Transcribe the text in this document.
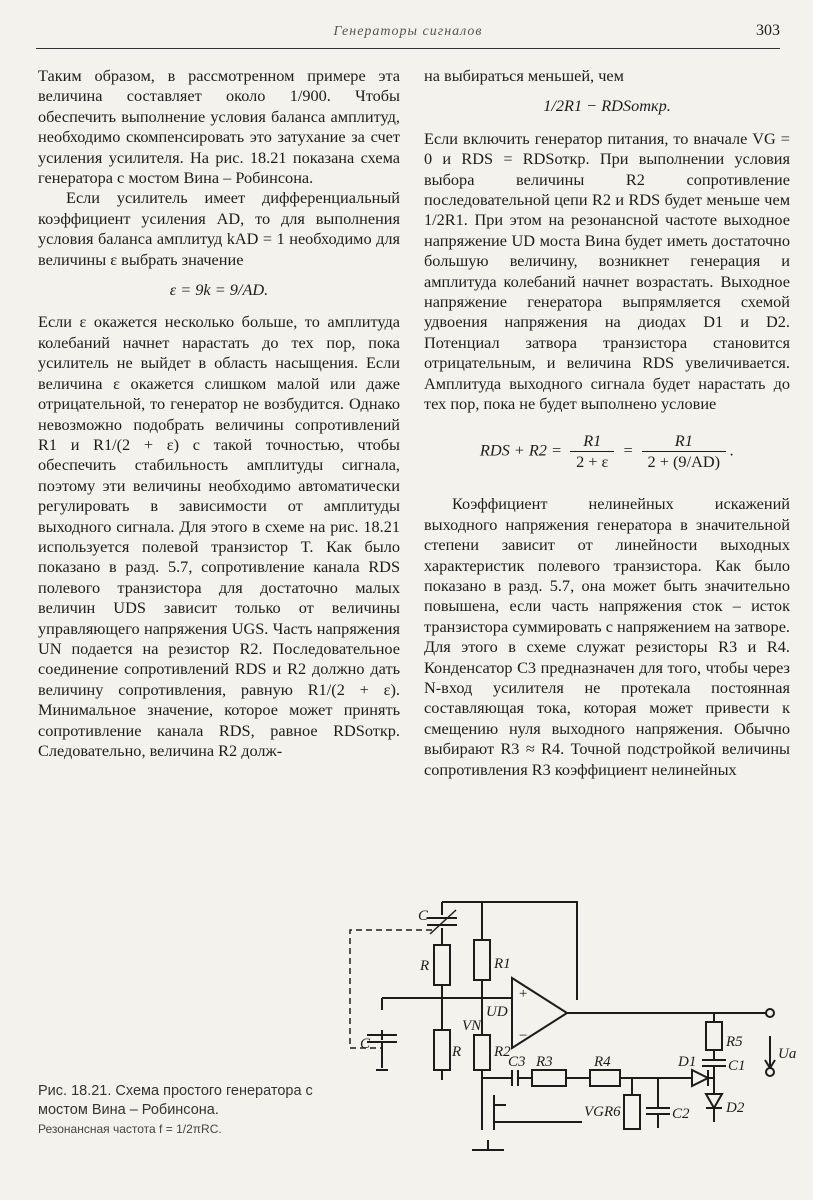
Генераторы сигналов	303

Таким образом, в рассмотренном примере эта величина составляет около 1/900. Чтобы обеспечить выполнение условия баланса амплитуд, необходимо скомпенсировать это затухание за счет усиления усилителя. На рис. 18.21 показана схема генератора с мостом Вина – Робинсона.

Если усилитель имеет дифференциальный коэффициент усиления AD, то для выполнения условия баланса амплитуд kAD = 1 необходимо для величины ε выбрать значение

ε = 9k = 9/AD.

Если ε окажется несколько больше, то амплитуда колебаний начнет нарастать до тех пор, пока усилитель не выйдет в область насыщения. Если величина ε окажется слишком малой или даже отрицательной, то генератор не возбудится. Однако невозможно подобрать величины сопротивлений R1 и R1/(2 + ε) с такой точностью, чтобы обеспечить стабильность амплитуды сигнала, поэтому эти величины необходимо автоматически регулировать в зависимости от амплитуды выходного сигнала. Для этого в схеме на рис. 18.21 используется полевой транзистор T. Как было показано в разд. 5.7, сопротивление канала RDS полевого транзистора для достаточно малых величин UDS зависит только от величины управляющего напряжения UGS. Часть напряжения UN подается на резистор R2. Последовательное соединение сопротивлений RDS и R2 должно дать величину сопротивления, равную R1/(2 + ε). Минимальное значение, которое может принять сопротивление канала RDS, равное RDSоткр. Следовательно, величина R2 долж-

на выбираться меньшей, чем

1/2R1 − RDSоткр.

Если включить генератор питания, то вначале VG = 0 и RDS = RDSоткр. При выполнении условия выбора величины R2 сопротивление последовательной цепи R2 и RDS будет меньше чем 1/2R1. При этом на резонансной частоте выходное напряжение UD моста Вина будет иметь достаточно большую величину, возникнет генерация и амплитуда колебаний начнет возрастать. Выходное напряжение генератора выпрямляется схемой удвоения напряжения на диодах D1 и D2. Потенциал затвора транзистора становится отрицательным, и величина RDS увеличивается. Амплитуда выходного сигнала будет нарастать до тех пор, пока не будет выполнено условие

RDS + $R2 = \frac{R1}{2 + \varepsilon} = \frac{R1}{2 + (9/AD)}$ .

Коэффициент нелинейных искажений выходного напряжения генератора в значительной степени зависит от линейности выходных характеристик полевого транзистора. Как было показано в разд. 5.7, она может быть значительно повышена, если часть напряжения сток – исток транзистора суммировать с напряжением на затворе. Для этого в схеме служат резисторы R3 и R4. Конденсатор C3 предназначен для того, чтобы через N-вход усилителя не протекала постоянная составляющая тока, которая может привести к смещению нуля выходного напряжения. Обычно выбирают R3 ≈ R4. Точной подстройкой величины сопротивления R3 коэффициент нелинейных

Рис. 18.21. Схема простого генератора с мостом Вина – Робинсона.
Резонансная частота f = 1/2πRC.
C
R	R1
+
−
UD
VN
C	R R2
C3 R3	R4
R6	C2
D1
R5
C1
D2
VG
Ua
